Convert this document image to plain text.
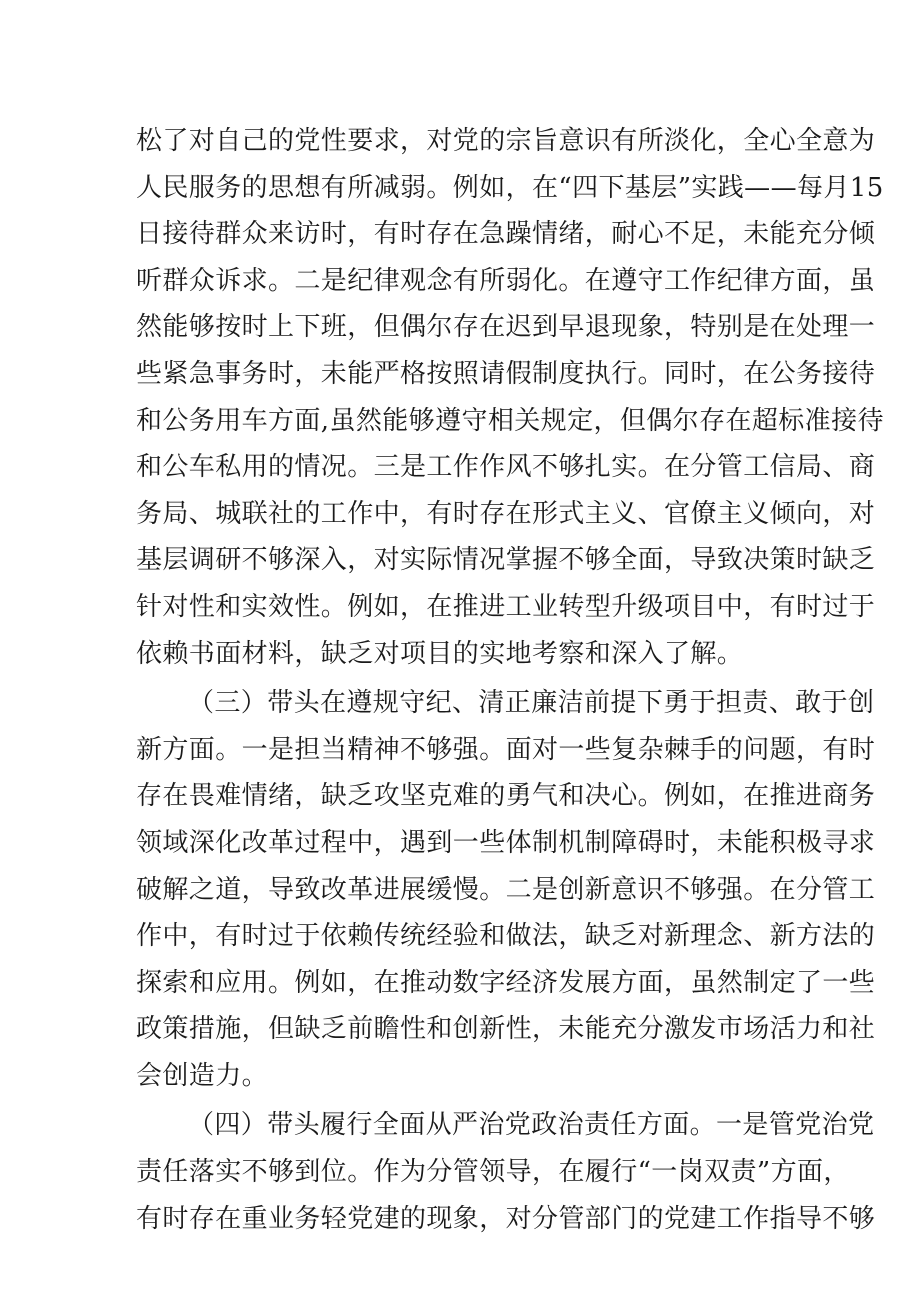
松了对自己的党性要求，对党的宗旨意识有所淡化，全心全意为
人民服务的思想有所减弱。例如，在“四下基层”实践——每月15
日接待群众来访时，有时存在急躁情绪，耐心不足，未能充分倾
听群众诉求。二是纪律观念有所弱化。在遵守工作纪律方面，虽
然能够按时上下班，但偶尔存在迟到早退现象，特别是在处理一
些紧急事务时，未能严格按照请假制度执行。同时，在公务接待
和公务用车方面,虽然能够遵守相关规定，但偶尔存在超标准接待
和公车私用的情况。三是工作作风不够扎实。在分管工信局、商
务局、城联社的工作中，有时存在形式主义、官僚主义倾向，对
基层调研不够深入，对实际情况掌握不够全面，导致决策时缺乏
针对性和实效性。例如，在推进工业转型升级项目中，有时过于
依赖书面材料，缺乏对项目的实地考察和深入了解。
（三）带头在遵规守纪、清正廉洁前提下勇于担责、敢于创
新方面。一是担当精神不够强。面对一些复杂棘手的问题，有时
存在畏难情绪，缺乏攻坚克难的勇气和决心。例如，在推进商务
领域深化改革过程中，遇到一些体制机制障碍时，未能积极寻求
破解之道，导致改革进展缓慢。二是创新意识不够强。在分管工
作中，有时过于依赖传统经验和做法，缺乏对新理念、新方法的
探索和应用。例如，在推动数字经济发展方面，虽然制定了一些
政策措施，但缺乏前瞻性和创新性，未能充分激发市场活力和社
会创造力。
（四）带头履行全面从严治党政治责任方面。一是管党治党
责任落实不够到位。作为分管领导，在履行“一岗双责”方面，
有时存在重业务轻党建的现象，对分管部门的党建工作指导不够
